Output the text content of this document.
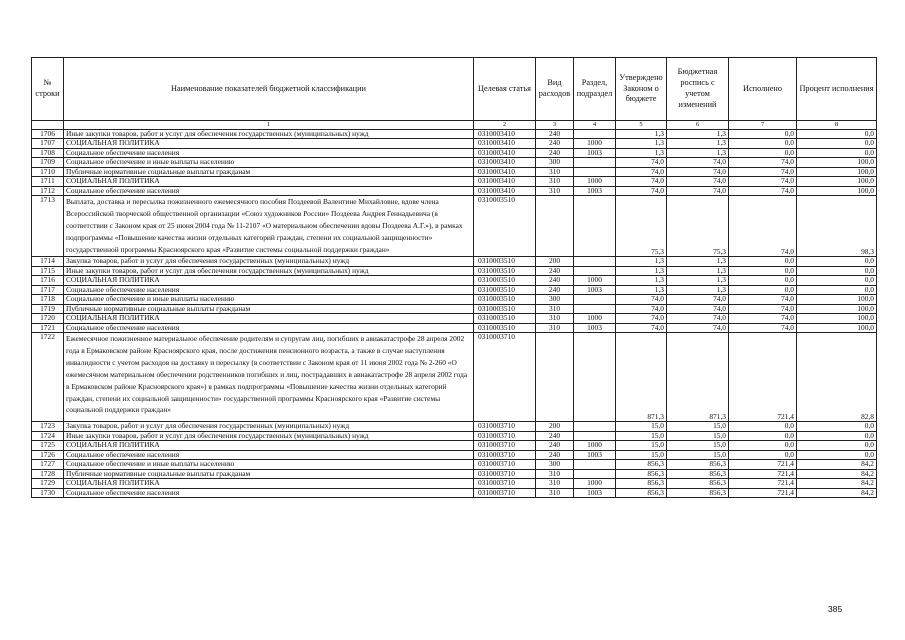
№ строки	Наименование показателей бюджетной классификации	Целевая статья	Вид расходов	Раздел, подраздел	Утверждено Законом о бюджете	Бюджетная роспись с учетом изменений	Исполнено	Процент исполнения
	1	2	3	4	5	6	7	8
1706	Иные закупки товаров, работ и услуг для обеспечения государственных (муниципальных) нужд	0310003410	240		1,3	1,3	0,0	0,0
1707	СОЦИАЛЬНАЯ ПОЛИТИКА	0310003410	240	1000	1,3	1,3	0,0	0,0
1708	Социальное обеспечение населения	0310003410	240	1003	1,3	1,3	0,0	0,0
1709	Социальное обеспечение и иные выплаты населению	0310003410	300		74,0	74,0	74,0	100,0
1710	Публичные нормативные социальные выплаты гражданам	0310003410	310		74,0	74,0	74,0	100,0
1711	СОЦИАЛЬНАЯ ПОЛИТИКА	0310003410	310	1000	74,0	74,0	74,0	100,0
1712	Социальное обеспечение населения	0310003410	310	1003	74,0	74,0	74,0	100,0
1713	Выплата, доставка и пересылка пожизненного ежемесячного пособия Поздеевой Валентине Михайловне, вдове члена Всероссийской творческой общественной организации «Союз художников России» Поздеева Андрея Геннадьевича (в соответствии с Законом края от 25 июня 2004 года № 11-2107 «О материальном обеспечении вдовы Поздеева А.Г.»), в рамках подпрограммы «Повышение качества жизни отдельных категорий граждан, степени их социальной защищенности» государственной программы Красноярского края «Развитие системы социальной поддержки граждан»	0310003510			75,3	75,3	74,0	98,3
1714	Закупка товаров, работ и услуг для обеспечения государственных (муниципальных) нужд	0310003510	200		1,3	1,3	0,0	0,0
1715	Иные закупки товаров, работ и услуг для обеспечения государственных (муниципальных) нужд	0310003510	240		1,3	1,3	0,0	0,0
1716	СОЦИАЛЬНАЯ ПОЛИТИКА	0310003510	240	1000	1,3	1,3	0,0	0,0
1717	Социальное обеспечение населения	0310003510	240	1003	1,3	1,3	0,0	0,0
1718	Социальное обеспечение и иные выплаты населению	0310003510	300		74,0	74,0	74,0	100,0
1719	Публичные нормативные социальные выплаты гражданам	0310003510	310		74,0	74,0	74,0	100,0
1720	СОЦИАЛЬНАЯ ПОЛИТИКА	0310003510	310	1000	74,0	74,0	74,0	100,0
1721	Социальное обеспечение населения	0310003510	310	1003	74,0	74,0	74,0	100,0
1722	Ежемесячное пожизненное материальное обеспечение родителям и супругам лиц, погибших в авиакатастрофе 28 апреля 2002 года в Ермаковском районе Красноярского края, после достижения пенсионного возраста, а также в случае наступления инвалидности с учетом расходов на доставку и пересылку (в соответствии с Законом края от 11 июня 2002 года № 2-260 «О ежемесячном материальном обеспечении родственников погибших и лиц, пострадавших в авиакатастрофе 28 апреля 2002 года в Ермаковском районе Красноярского края») в рамках подпрограммы «Повышение качества жизни отдельных категорий граждан, степени их социальной защищенности» государственной программы Красноярского края «Развитие системы социальной поддержки граждан»	0310003710			871,3	871,3	721,4	82,8
1723	Закупка товаров, работ и услуг для обеспечения государственных (муниципальных) нужд	0310003710	200		15,0	15,0	0,0	0,0
1724	Иные закупки товаров, работ и услуг для обеспечения государственных (муниципальных) нужд	0310003710	240		15,0	15,0	0,0	0,0
1725	СОЦИАЛЬНАЯ ПОЛИТИКА	0310003710	240	1000	15,0	15,0	0,0	0,0
1726	Социальное обеспечение населения	0310003710	240	1003	15,0	15,0	0,0	0,0
1727	Социальное обеспечение и иные выплаты населению	0310003710	300		856,3	856,3	721,4	84,2
1728	Публичные нормативные социальные выплаты гражданам	0310003710	310		856,3	856,3	721,4	84,2
1729	СОЦИАЛЬНАЯ ПОЛИТИКА	0310003710	310	1000	856,3	856,3	721,4	84,2
1730	Социальное обеспечение населения	0310003710	310	1003	856,3	856,3	721,4	84,2
385
